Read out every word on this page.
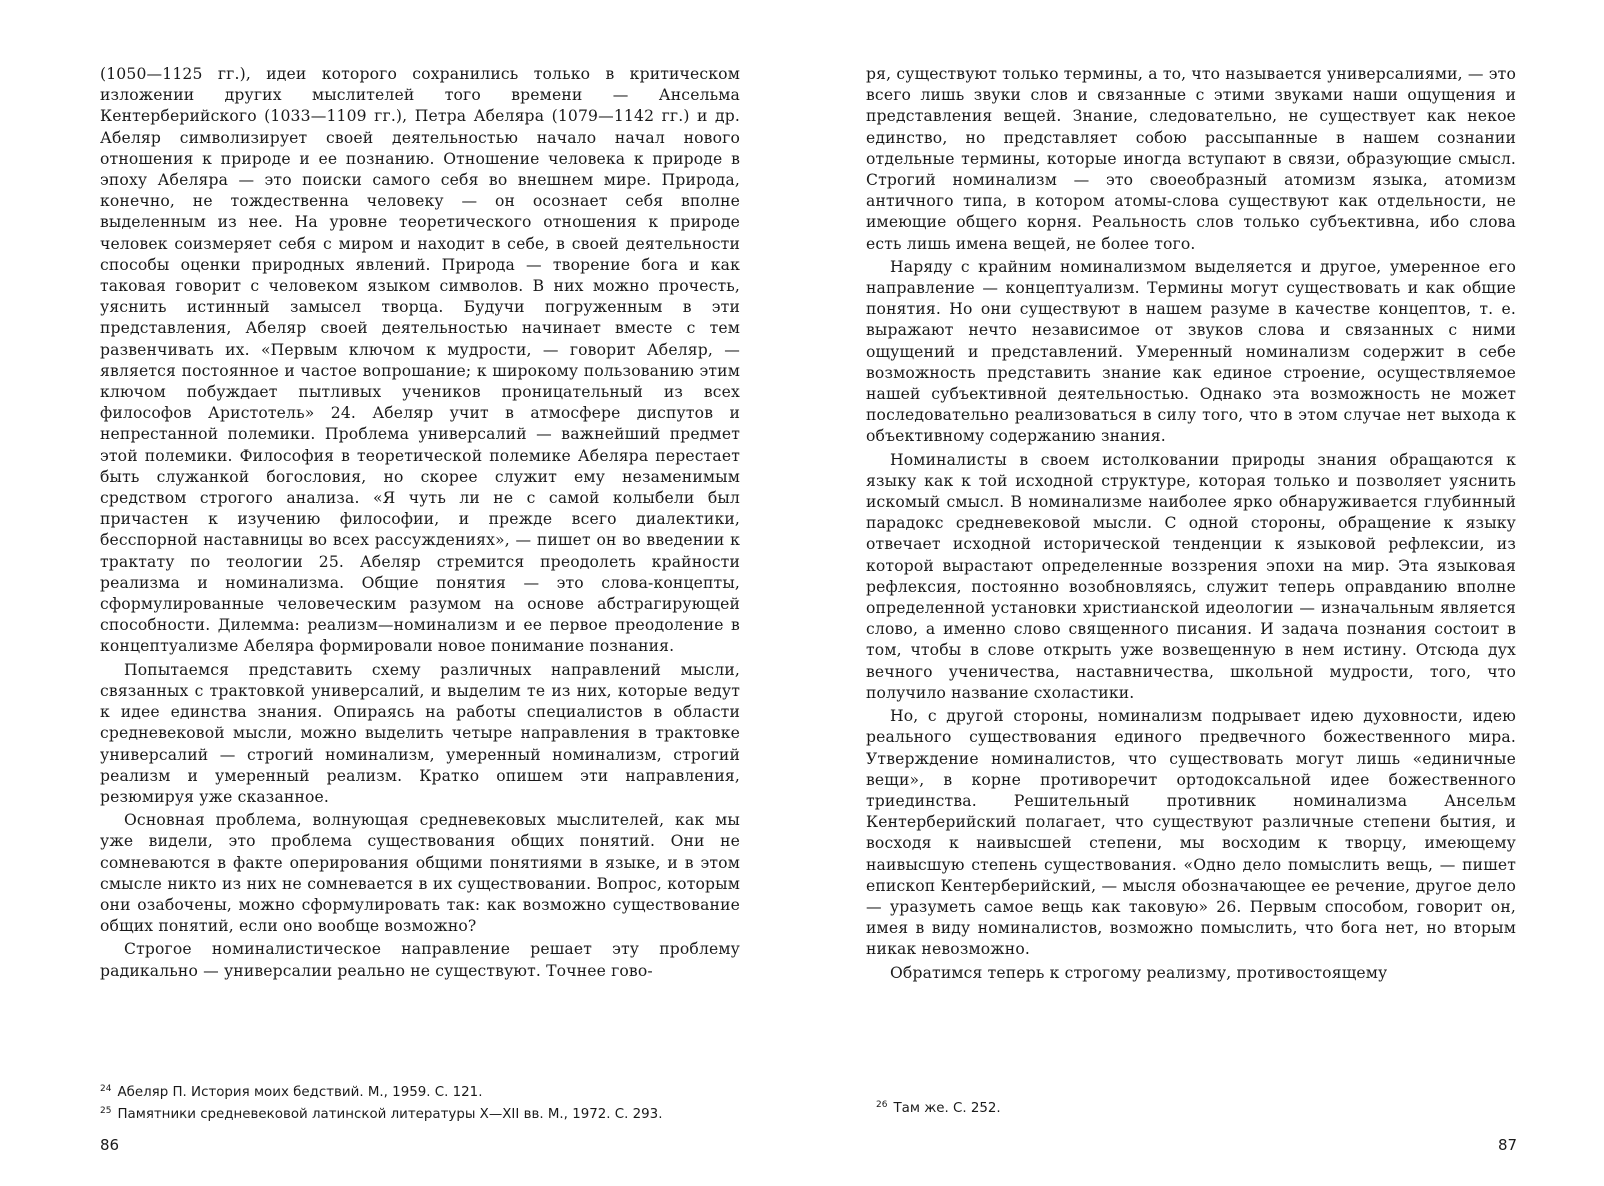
(1050—1125 гг.), идеи которого сохранились только в критическом изложении других мыслителей того времени — Ансельма Кентерберийского (1033—1109 гг.), Петра Абеляра (1079—1142 гг.) и др. Абеляр символизирует своей деятельностью начало начал нового отношения к природе и ее познанию. Отношение человека к природе в эпоху Абеляра — это поиски самого себя во внешнем мире. Природа, конечно, не тождественна человеку — он осознает себя вполне выделенным из нее. На уровне теоретического отношения к природе человек соизмеряет себя с миром и находит в себе, в своей деятельности способы оценки природных явлений. Природа — творение бога и как таковая говорит с человеком языком символов. В них можно прочесть, уяснить истинный замысел творца. Будучи погруженным в эти представления, Абеляр своей деятельностью начинает вместе с тем развенчивать их. «Первым ключом к мудрости, — говорит Абеляр, — является постоянное и частое вопрошание; к широкому пользованию этим ключом побуждает пытливых учеников проницательный из всех философов Аристотель» 24. Абеляр учит в атмосфере диспутов и непрестанной полемики. Проблема универсалий — важнейший предмет этой полемики. Философия в теоретической полемике Абеляра перестает быть служанкой богословия, но скорее служит ему незаменимым средством строгого анализа. «Я чуть ли не с самой колыбели был причастен к изучению философии, и прежде всего диалектики, бесспорной наставницы во всех рассуждениях», — пишет он во введении к трактату по теологии 25. Абеляр стремится преодолеть крайности реализма и номинализма. Общие понятия — это слова-концепты, сформулированные человеческим разумом на основе абстрагирующей способности. Дилемма: реализм—номинализм и ее первое преодоление в концептуализме Абеляра формировали новое понимание познания.

Попытаемся представить схему различных направлений мысли, связанных с трактовкой универсалий, и выделим те из них, которые ведут к идее единства знания. Опираясь на работы специалистов в области средневековой мысли, можно выделить четыре направления в трактовке универсалий — строгий номинализм, умеренный номинализм, строгий реализм и умеренный реализм. Кратко опишем эти направления, резюмируя уже сказанное.

Основная проблема, волнующая средневековых мыслителей, как мы уже видели, это проблема существования общих понятий. Они не сомневаются в факте оперирования общими понятиями в языке, и в этом смысле никто из них не сомневается в их существовании. Вопрос, которым они озабочены, можно сформулировать так: как возможно существование общих понятий, если оно вообще возможно?

Строгое номиналистическое направление решает эту проблему радикально — универсалии реально не существуют. Точнее гово-

$^{24}$ Абеляр П. История моих бедствий. М., 1959. С. 121.

$^{25}$ Памятники средневековой латинской литературы X—XII вв. М., 1972. С. 293.

86

ря, существуют только термины, а то, что называется универсалиями, — это всего лишь звуки слов и связанные с этими звуками наши ощущения и представления вещей. Знание, следовательно, не существует как некое единство, но представляет собою рассыпанные в нашем сознании отдельные термины, которые иногда вступают в связи, образующие смысл. Строгий номинализм — это своеобразный атомизм языка, атомизм античного типа, в котором атомы-слова существуют как отдельности, не имеющие общего корня. Реальность слов только субъективна, ибо слова есть лишь имена вещей, не более того.

Наряду с крайним номинализмом выделяется и другое, умеренное его направление — концептуализм. Термины могут существовать и как общие понятия. Но они существуют в нашем разуме в качестве концептов, т. е. выражают нечто независимое от звуков слова и связанных с ними ощущений и представлений. Умеренный номинализм содержит в себе возможность представить знание как единое строение, осуществляемое нашей субъективной деятельностью. Однако эта возможность не может последовательно реализоваться в силу того, что в этом случае нет выхода к объективному содержанию знания.

Номиналисты в своем истолковании природы знания обращаются к языку как к той исходной структуре, которая только и позволяет уяснить искомый смысл. В номинализме наиболее ярко обнаруживается глубинный парадокс средневековой мысли. С одной стороны, обращение к языку отвечает исходной исторической тенденции к языковой рефлексии, из которой вырастают определенные воззрения эпохи на мир. Эта языковая рефлексия, постоянно возобновляясь, служит теперь оправданию вполне определенной установки христианской идеологии — изначальным является слово, а именно слово священного писания. И задача познания состоит в том, чтобы в слове открыть уже возвещенную в нем истину. Отсюда дух вечного ученичества, наставничества, школьной мудрости, того, что получило название схоластики.

Но, с другой стороны, номинализм подрывает идею духовности, идею реального существования единого предвечного божественного мира. Утверждение номиналистов, что существовать могут лишь «единичные вещи», в корне противоречит ортодоксальной идее божественного триединства. Решительный противник номинализма Ансельм Кентерберийский полагает, что существуют различные степени бытия, и восходя к наивысшей степени, мы восходим к творцу, имеющему наивысшую степень существования. «Одно дело помыслить вещь, — пишет епископ Кентерберийский, — мысля обозначающее ее речение, другое дело — уразуметь самое вещь как таковую» 26. Первым способом, говорит он, имея в виду номиналистов, возможно помыслить, что бога нет, но вторым никак невозможно.

Обратимся теперь к строгому реализму, противостоящему

$^{26}$ Там же. С. 252.

87
